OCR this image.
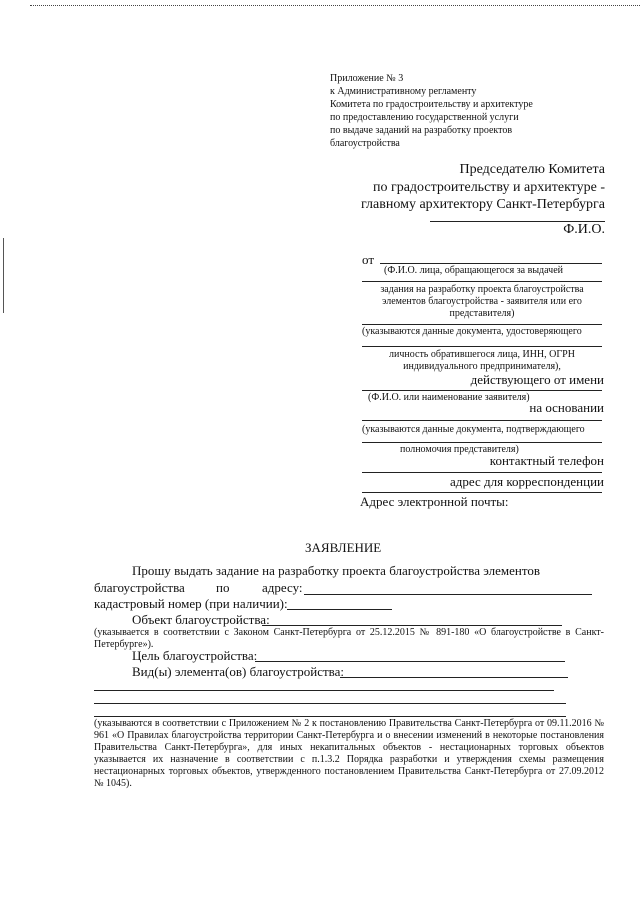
Приложение № 3
к Административному регламенту
Комитета по градостроительству и архитектуре
по предоставлению государственной услуги
по выдаче заданий на разработку проектов
благоустройства
Председателю Комитета
по градостроительству и архитектуре -
главному архитектору Санкт-Петербурга
Ф.И.О.
от
(Ф.И.О. лица, обращающегося за выдачей
задания на разработку проекта благоустройства элементов благоустройства - заявителя или его представителя)
(указываются данные документа, удостоверяющего
личность обратившегося лица, ИНН, ОГРН индивидуального предпринимателя),
действующего от имени
(Ф.И.О. или наименование заявителя)
на основании
(указываются данные документа, подтверждающего
полномочия представителя)
контактный телефон
адрес для корреспонденции
Адрес электронной почты:
ЗАЯВЛЕНИЕ
Прошу выдать задание на разработку проекта благоустройства элементов
благоустройства по	адресу:
кадастровый номер (при наличии):
Объект благоустройства:
(указывается в соответствии с Законом Санкт-Петербурга от 25.12.2015 № 891-180 «О благоустройстве в Санкт-Петербурге»).
Цель благоустройства:
Вид(ы) элемента(ов) благоустройства:
(указываются в соответствии с Приложением № 2 к постановлению Правительства Санкт-Петербурга от 09.11.2016 № 961 «О Правилах благоустройства территории Санкт-Петербурга и о внесении изменений в некоторые постановления Правительства Санкт-Петербурга», для иных некапитальных объектов - нестационарных торговых объектов указывается их назначение в соответствии с п.1.3.2 Порядка разработки и утверждения схемы размещения нестационарных торговых объектов, утвержденного постановлением Правительства Санкт-Петербурга от 27.09.2012 № 1045).
